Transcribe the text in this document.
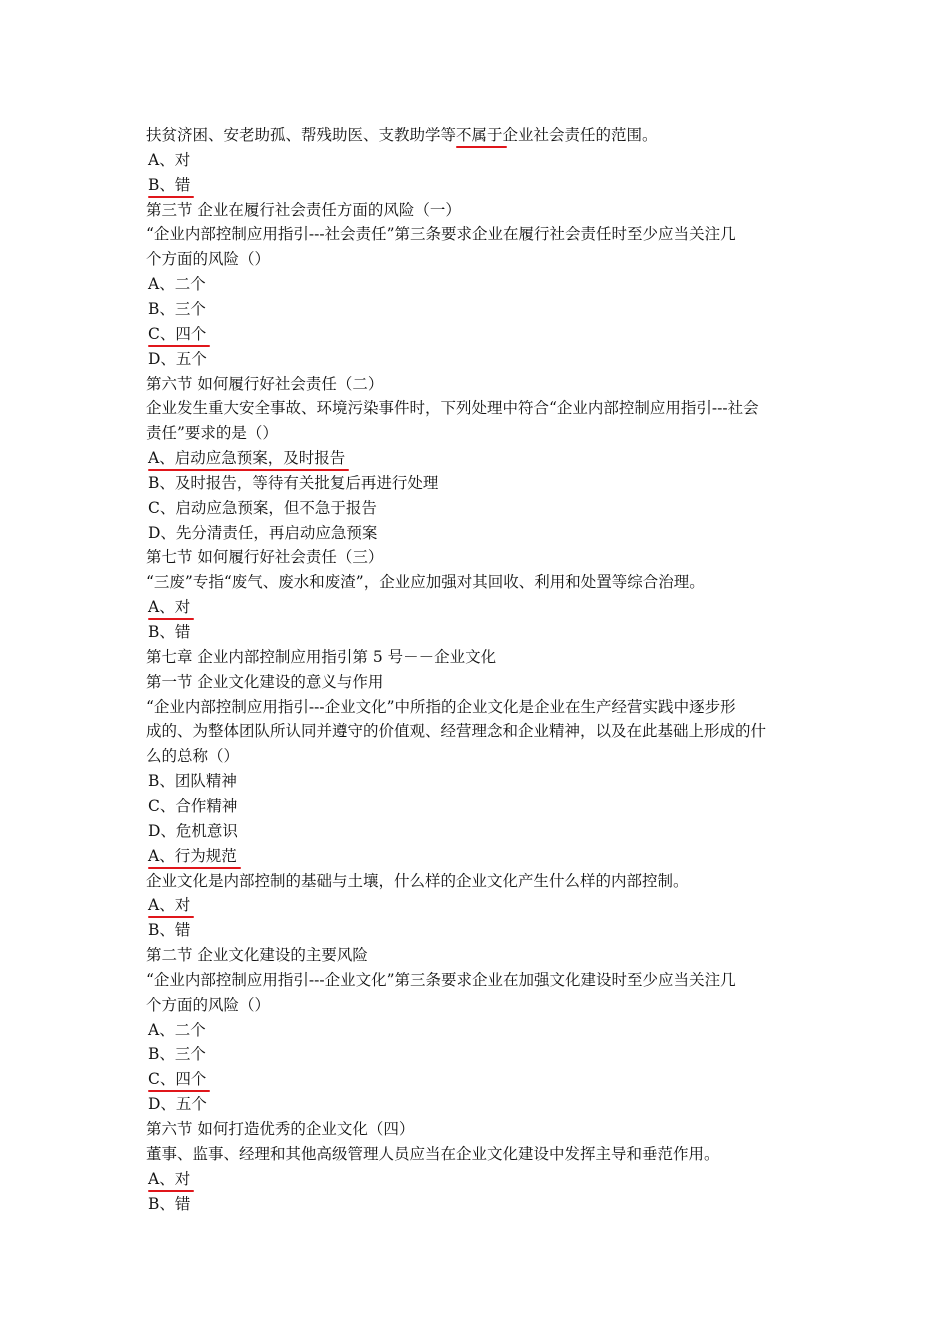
扶贫济困、安老助孤、帮残助医、支教助学等不属于企业社会责任的范围。
A、对
B、错
第三节 企业在履行社会责任方面的风险（一）
“企业内部控制应用指引---社会责任”第三条要求企业在履行社会责任时至少应当关注几
个方面的风险（）
A、二个
B、三个
C、四个
D、五个
第六节 如何履行好社会责任（二）
企业发生重大安全事故、环境污染事件时，下列处理中符合“企业内部控制应用指引---社会
责任”要求的是（）
A、启动应急预案，及时报告
B、及时报告，等待有关批复后再进行处理
C、启动应急预案，但不急于报告
D、先分清责任，再启动应急预案
第七节 如何履行好社会责任（三）
“三废”专指“废气、废水和废渣”，企业应加强对其回收、利用和处置等综合治理。
A、对
B、错
第七章 企业内部控制应用指引第 5 号－－企业文化
第一节 企业文化建设的意义与作用
“企业内部控制应用指引---企业文化”中所指的企业文化是企业在生产经营实践中逐步形
成的、为整体团队所认同并遵守的价值观、经营理念和企业精神，以及在此基础上形成的什
么的总称（）
B、团队精神
C、合作精神
D、危机意识
A、行为规范
企业文化是内部控制的基础与土壤，什么样的企业文化产生什么样的内部控制。
A、对
B、错
第二节 企业文化建设的主要风险
“企业内部控制应用指引---企业文化”第三条要求企业在加强文化建设时至少应当关注几
个方面的风险（）
A、二个
B、三个
C、四个
D、五个
第六节 如何打造优秀的企业文化（四）
董事、监事、经理和其他高级管理人员应当在企业文化建设中发挥主导和垂范作用。
A、对
B、错
